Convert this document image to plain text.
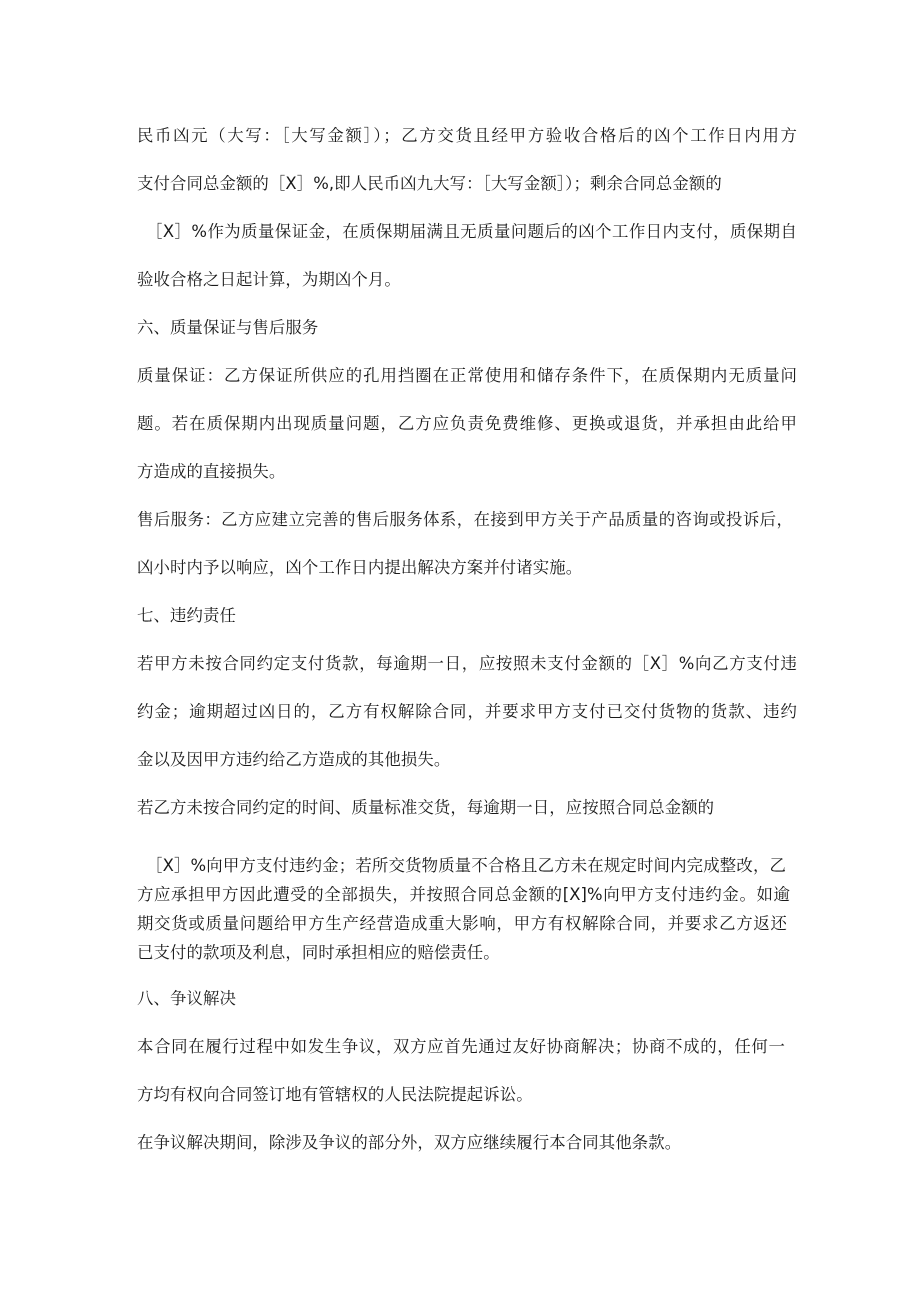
民币凶元（大写：［大写金额］）；乙方交货且经甲方验收合格后的凶个工作日内用方
支付合同总金额的［X］%,即人民币凶九大写：［大写金额］）；剩余合同总金额的
［X］%作为质量保证金，在质保期届满且无质量问题后的凶个工作日内支付，质保期自
验收合格之日起计算，为期凶个月。
六、质量保证与售后服务
质量保证：乙方保证所供应的孔用挡圈在正常使用和储存条件下，在质保期内无质量问
题。若在质保期内出现质量问题，乙方应负责免费维修、更换或退货，并承担由此给甲
方造成的直接损失。
售后服务：乙方应建立完善的售后服务体系，在接到甲方关于产品质量的咨询或投诉后，
凶小时内予以响应，凶个工作日内提出解决方案并付诸实施。
七、违约责任
若甲方未按合同约定支付货款，每逾期一日，应按照未支付金额的［X］%向乙方支付违
约金；逾期超过凶日的，乙方有权解除合同，并要求甲方支付已交付货物的货款、违约
金以及因甲方违约给乙方造成的其他损失。
若乙方未按合同约定的时间、质量标准交货，每逾期一日，应按照合同总金额的
［X］%向甲方支付违约金；若所交货物质量不合格且乙方未在规定时间内完成整改，乙
方应承担甲方因此遭受的全部损失，并按照合同总金额的[X]%向甲方支付违约金。如逾
期交货或质量问题给甲方生产经营造成重大影响，甲方有权解除合同，并要求乙方返还
已支付的款项及利息，同时承担相应的赔偿责任。
八、争议解决
本合同在履行过程中如发生争议，双方应首先通过友好协商解决；协商不成的，任何一
方均有权向合同签订地有管辖权的人民法院提起诉讼。
在争议解决期间，除涉及争议的部分外，双方应继续履行本合同其他条款。
